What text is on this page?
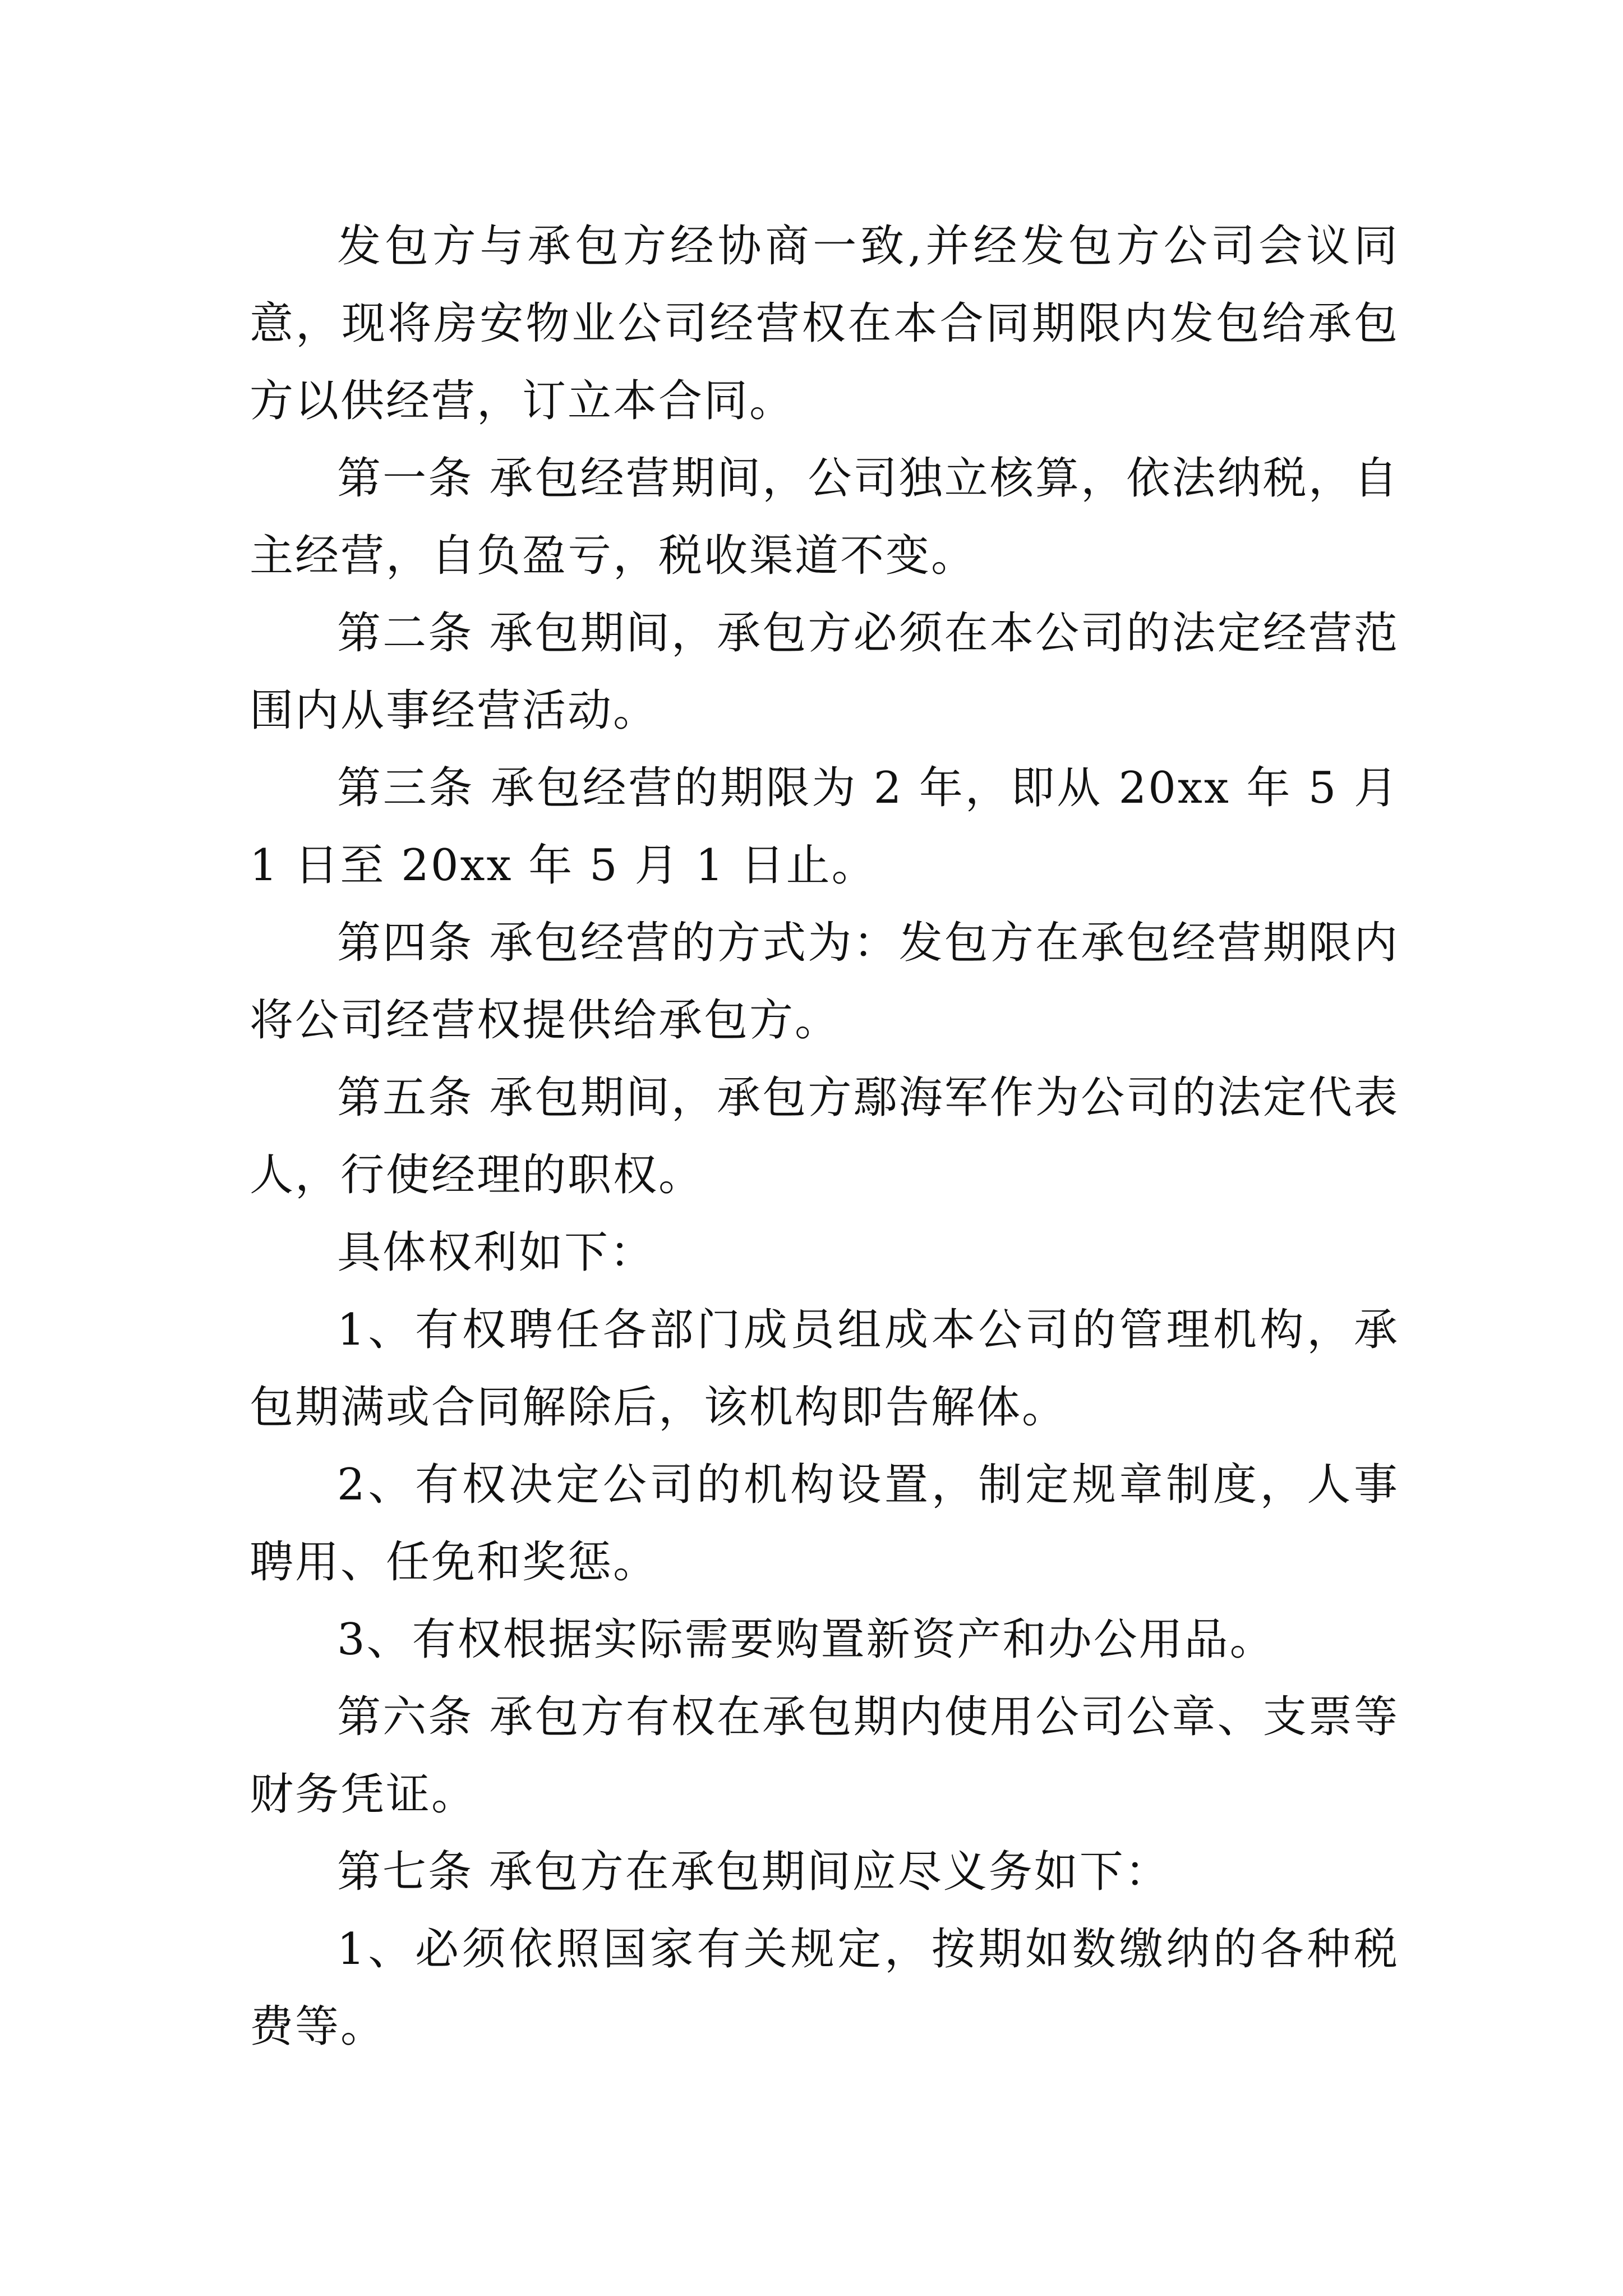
发包方与承包方经协商一致,并经发包方公司会议同意，现将房安物业公司经营权在本合同期限内发包给承包方以供经营，订立本合同。

第一条 承包经营期间，公司独立核算，依法纳税，自主经营，自负盈亏，税收渠道不变。

第二条 承包期间，承包方必须在本公司的法定经营范围内从事经营活动。

第三条 承包经营的期限为 2 年，即从 20xx 年 5 月 1 日至 20xx 年 5 月 1 日止。

第四条 承包经营的方式为：发包方在承包经营期限内将公司经营权提供给承包方。

第五条 承包期间，承包方鄢海军作为公司的法定代表人，行使经理的职权。

具体权利如下：

1、有权聘任各部门成员组成本公司的管理机构，承包期满或合同解除后，该机构即告解体。

2、有权决定公司的机构设置，制定规章制度，人事聘用、任免和奖惩。

3、有权根据实际需要购置新资产和办公用品。

第六条 承包方有权在承包期内使用公司公章、支票等财务凭证。

第七条 承包方在承包期间应尽义务如下：

1、必须依照国家有关规定，按期如数缴纳的各种税费等。
